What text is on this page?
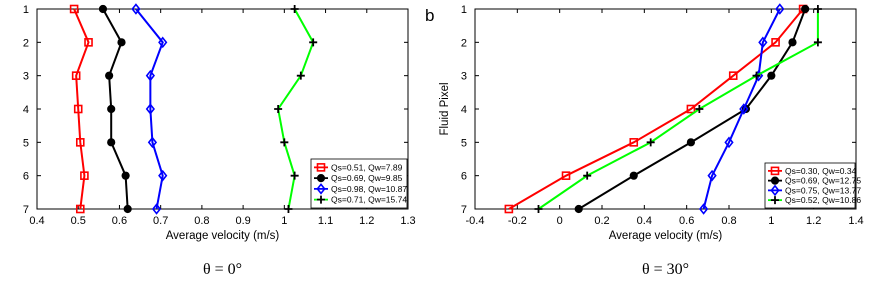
0.4 0.5 0.6 0.7 0.8 0.9	1	1.1 1.2 1.3
1
2
3
4
5
6
7
Average velocity (m/s)
θ = 0°
Qs=0.51, Qw=7.89
Qs=0.69, Qw=9.85
Qs=0.98, Qw=10.87
Qs=0.71, Qw=15.74
-0.4 -0.2	0	0.2 0.4 0.6 0.8	1	1.2 1.4
1
2
3
4
5
6
7
Average velocity (m/s)
Fluid Pixel
b
θ = 30°
Qs=0.30, Qw=0.34
Qs=0.69, Qw=12.75
Qs=0.75, Qw=13.77
Qs=0.52, Qw=10.86
